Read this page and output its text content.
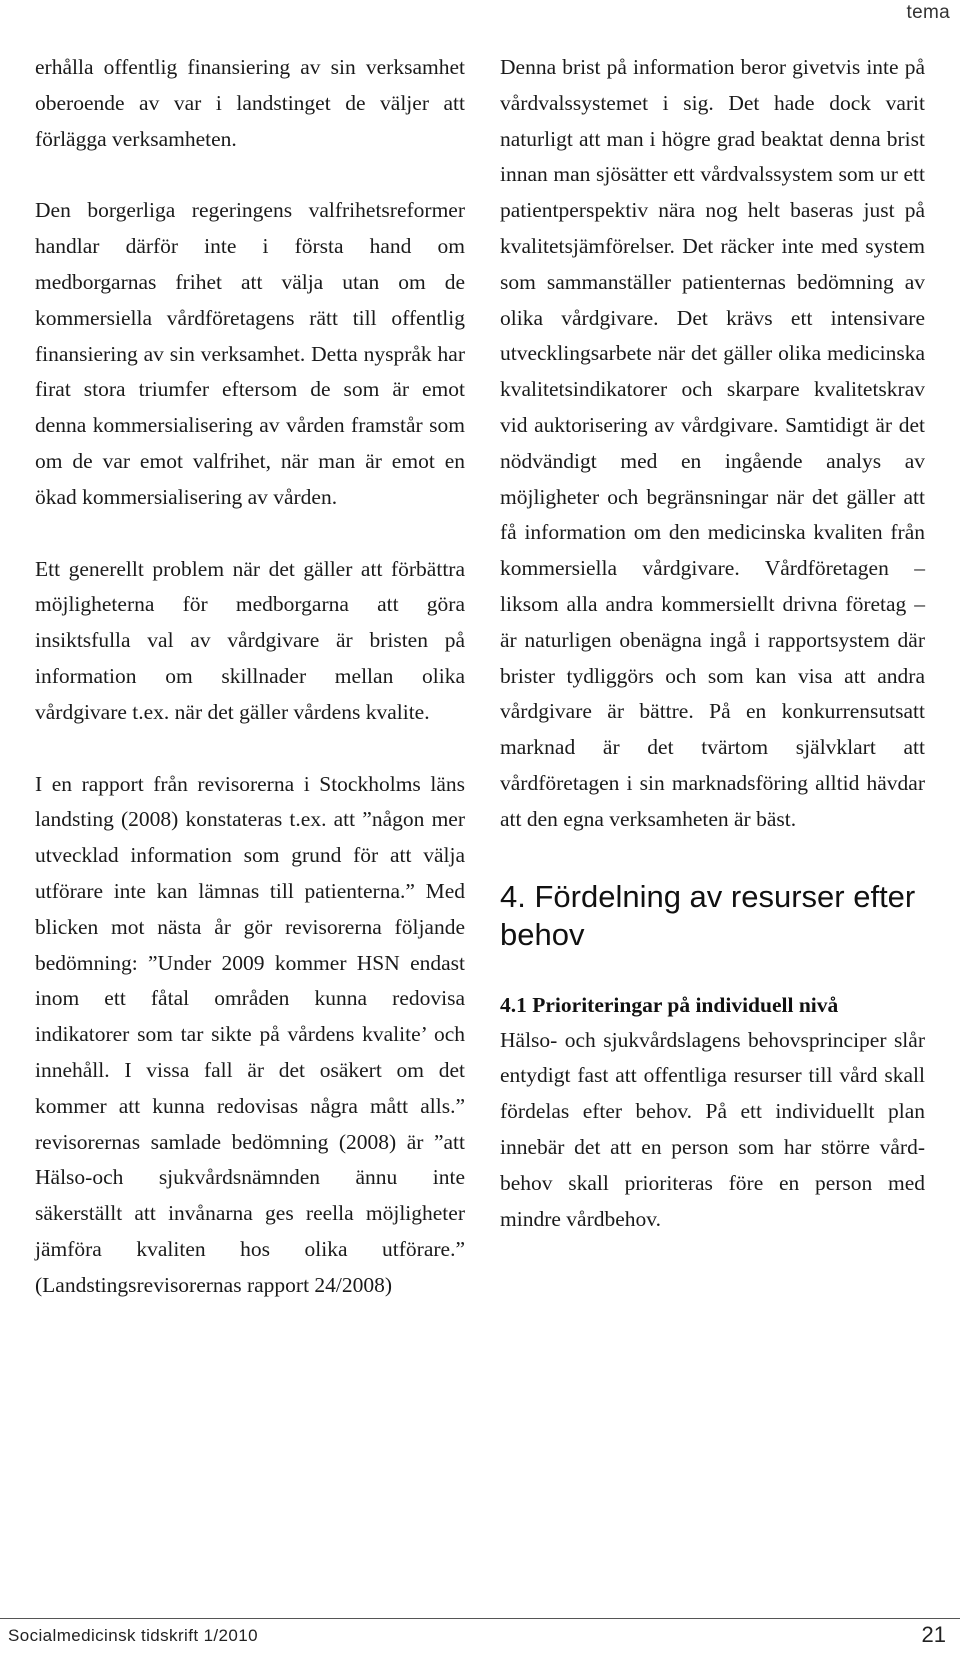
tema

erhålla offentlig finansiering av sin verksamhet oberoende av var i landstinget de väljer att förlägga verksamheten.

Den borgerliga regeringens valfrihetsreformer handlar därför inte i första hand om medborgarnas frihet att välja utan om de kommersiella vårdföretagens rätt till offentlig finansiering av sin verksamhet. Detta nyspråk har firat stora triumfer eftersom de som är emot denna kommersialisering av vården framstår som om de var emot valfrihet, när man är emot en ökad kommersialisering av vården.

Ett generellt problem när det gäller att förbättra möjligheterna för medborgarna att göra insiktsfulla val av vårdgivare är bristen på information om skillnader mellan olika vårdgivare t.ex. när det gäller vårdens kvalite.

I en rapport från revisorerna i Stockholms läns landsting (2008) konstateras t.ex. att ”någon mer utvecklad information som grund för att välja utförare inte kan lämnas till patienterna.” Med blicken mot nästa år gör revisorerna följande bedömning: ”Under 2009 kommer HSN endast inom ett fåtal områden kunna redovisa indikatorer som tar sikte på vårdens kvalite’ och innehåll. I vissa fall är det osäkert om det kommer att kunna redovisas några mått alls.” revisorernas samlade bedömning (2008) är ”att Hälso-och sjukvårdsnämnden ännu inte säkerställt att invånarna ges reella möjligheter jämföra kvaliten hos olika utförare.” (Landstingsrevisorernas rapport 24/2008)

Denna brist på information beror givetvis inte på vårdvalssystemet i sig. Det hade dock varit naturligt att man i högre grad beaktat denna brist innan man sjösätter ett vårdvalssystem som ur ett patientperspektiv nära nog helt baseras just på kvalitetsjämförelser. Det räcker inte med system som sammanställer patienternas bedömning av olika vårdgivare. Det krävs ett intensivare utvecklingsarbete när det gäller olika medicinska kvalitetsindikatorer och skarpare kvalitetskrav vid auktorisering av vårdgivare. Samtidigt är det nödvändigt med en ingående analys av möjligheter och begränsningar när det gäller att få information om den medicinska kvaliten från kommersiella vårdgivare. Vårdföretagen – liksom alla andra kommersiellt drivna företag – är naturligen obenägna ingå i rapportsystem där brister tydliggörs och som kan visa att andra vårdgivare är bättre. På en konkurrensutsatt marknad är det tvärtom självklart att vårdföretagen i sin marknadsföring alltid hävdar att den egna verksamheten är bäst.

4. Fördelning av resurser efter behov
4.1 Prioriteringar på individuell nivå

Hälso- och sjukvårdslagens behovsprinciper slår entydigt fast att offentliga resurser till vård skall fördelas efter behov. På ett individuellt plan innebär det att en person som har större vårdbehov skall prioriteras före en person med mindre vårdbehov.

Socialmedicinsk tidskrift 1/2010	21
